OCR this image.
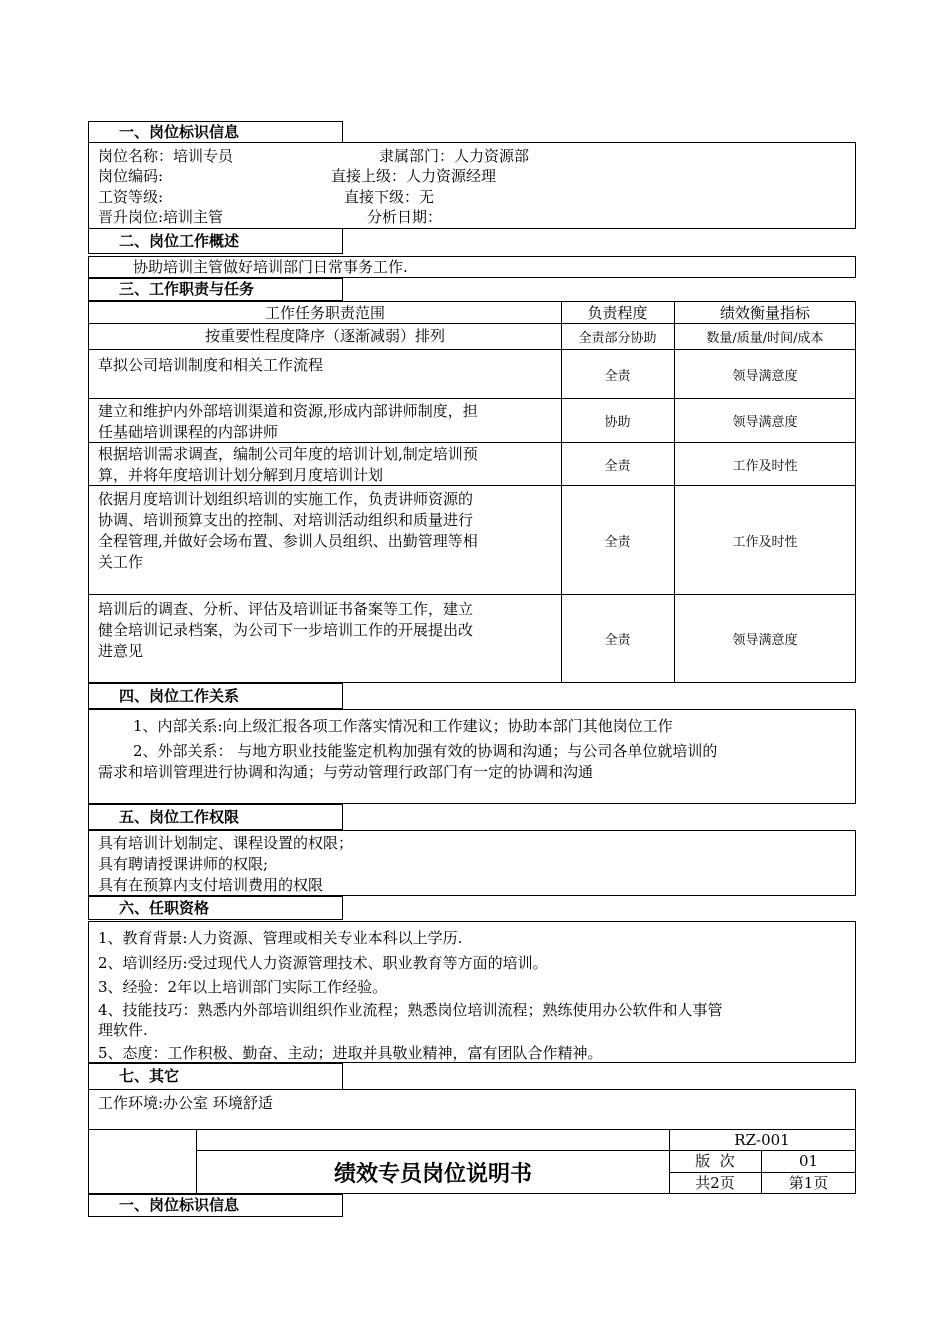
一、岗位标识信息
岗位名称：培训专员	隶属部门：人力资源部
岗位编码:	直接上级：人力资源经理
工资等级:	直接下级：无
晋升岗位:培训主管	分析日期：
二、岗位工作概述
协助培训主管做好培训部门日常事务工作.
三、工作职责与任务
工作任务职责范围	负责程度	绩效衡量指标
按重要性程度降序（逐渐减弱）排列	全责部分协助	数量/质量/时间/成本
草拟公司培训制度和相关工作流程
全责	领导满意度
建立和维护内外部培训渠道和资源,形成内部讲师制度，担
任基础培训课程的内部讲师
协助	领导满意度
根据培训需求调查，编制公司年度的培训计划,制定培训预
算，并将年度培训计划分解到月度培训计划	全责	工作及时性
依据月度培训计划组织培训的实施工作，负责讲师资源的
协调、培训预算支出的控制、对培训活动组织和质量进行
全程管理,并做好会场布置、参训人员组织、出勤管理等相
关工作
全责	工作及时性
培训后的调查、分析、评估及培训证书备案等工作，建立
健全培训记录档案，为公司下一步培训工作的开展提出改
进意见
全责	领导满意度
四、岗位工作关系
1、内部关系:向上级汇报各项工作落实情况和工作建议；协助本部门其他岗位工作
2、外部关系： 与地方职业技能鉴定机构加强有效的协调和沟通；与公司各单位就培训的
需求和培训管理进行协调和沟通；与劳动管理行政部门有一定的协调和沟通
五、岗位工作权限
具有培训计划制定、课程设置的权限；
具有聘请授课讲师的权限;
具有在预算内支付培训费用的权限
六、任职资格
1、教育背景:人力资源、管理或相关专业本科以上学历.
2、培训经历:受过现代人力资源管理技术、职业教育等方面的培训。
3、经验：2年以上培训部门实际工作经验。
4、技能技巧：熟悉内外部培训组织作业流程；熟悉岗位培训流程；熟练使用办公软件和人事管
理软件.
5、态度：工作积极、勤奋、主动；进取并具敬业精神，富有团队合作精神。
七、其它
工作环境:办公室 环境舒适
RZ-001
绩效专员岗位说明书
版  次	01
共2页	第1页
一、岗位标识信息
